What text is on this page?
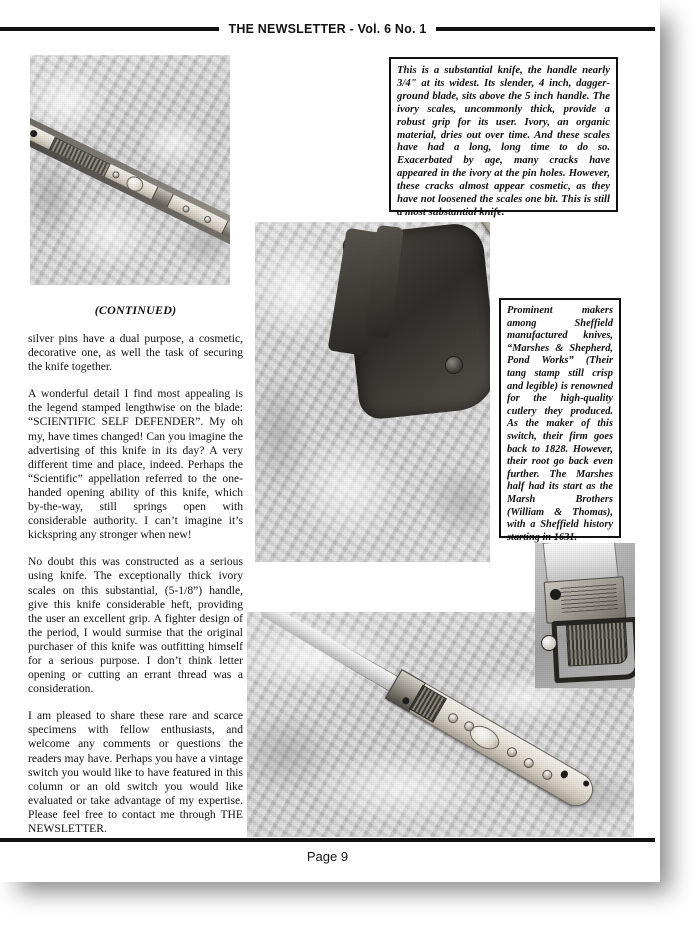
THE NEWSLETTER - Vol. 6 No. 1

This is a substantial knife, the handle nearly 3/4" at its widest. Its slender, 4 inch, dagger-ground blade, sits above the 5 inch handle. The ivory scales, uncommonly thick, provide a robust grip for its user. Ivory, an organic material, dries out over time. And these scales have had a long, long time to do so. Exacerbated by age, many cracks have appeared in the ivory at the pin holes. However, these cracks almost appear cosmetic, as they have not loosened the scales one bit. This is still a most substantial knife.

Prominent makers among Sheffield manufactured knives, “Marshes & Shepherd, Pond Works” (Their tang stamp still crisp and legible) is renowned for the high-quality cutlery they produced. As the maker of this switch, their firm goes back to 1828. However, their root go back even further. The Marshes half had its start as the Marsh Brothers (William & Thomas), with a Sheffield history starting in 1631.

(CONTINUED)

silver pins have a dual purpose, a cosmetic, decorative one, as well the task of securing the knife together.

A wonderful detail I find most appealing is the legend stamped lengthwise on the blade: “SCIENTIFIC SELF DEFENDER”. My oh my, have times changed! Can you imagine the advertising of this knife in its day? A very different time and place, indeed. Perhaps the “Scientific” appellation referred to the one-handed opening ability of this knife, which by-the-way, still springs open with considerable authority. I can’t imagine it’s kickspring any stronger when new!

No doubt this was constructed as a serious using knife. The exceptionally thick ivory scales on this substantial, (5-1/8”) handle, give this knife considerable heft, providing the user an excellent grip. A fighter design of the period, I would surmise that the original purchaser of this knife was outfitting himself for a serious purpose. I don’t think letter opening or cutting an errant thread was a consideration.

I am pleased to share these rare and scarce specimens with fellow enthusiasts, and welcome any comments or questions the readers may have. Perhaps you have a vintage switch you would like to have featured in this column or an old switch you would like evaluated or take advantage of my expertise. Please feel free to contact me through THE NEWSLETTER.

Page 9
